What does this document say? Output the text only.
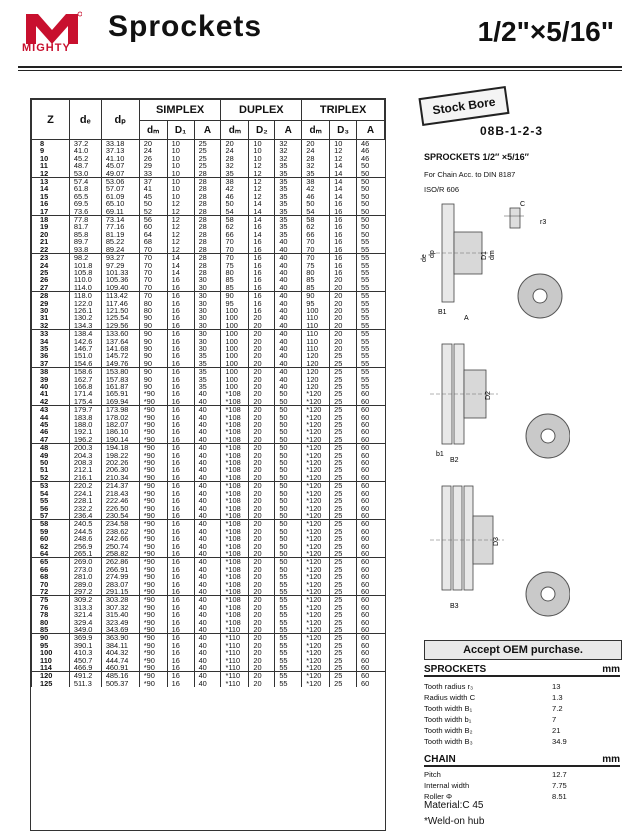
MIGHTY
Sprockets	1/2"×5/16"
Z	dₑ	dₚ	SIMPLEX			DUPLEX			TRIPLEX		
			dₘ	D₁	A	dₘ	D₂	A	dₘ	D₃	A
8	37.2	33.18	20	10	25	20	10	32	20	10	46
9	41.0	37.13	24	10	25	24	10	32	24	12	46
10	45.2	41.10	26	10	25	28	10	32	28	12	46
11	48.7	45.07	29	10	25	32	12	35	32	14	50
12	53.0	49.07	33	10	28	35	12	35	35	14	50
13	57.4	53.06	37	10	28	38	12	35	38	14	50
14	61.8	57.07	41	10	28	42	12	35	42	14	50
15	65.5	61.09	45	10	28	46	12	35	46	14	50
16	69.5	65.10	50	12	28	50	14	35	50	16	50
17	73.6	69.11	52	12	28	54	14	35	54	16	50
18	77.8	73.14	56	12	28	58	14	35	58	16	50
19	81.7	77.16	60	12	28	62	16	35	62	16	50
20	85.8	81.19	64	12	28	66	14	35	66	16	50
21	89.7	85.22	68	12	28	70	16	40	70	16	55
22	93.8	89.24	70	12	28	70	16	40	70	16	55
23	98.2	93.27	70	14	28	70	16	40	70	16	55
24	101.8	97.29	70	14	28	75	16	40	75	16	55
25	105.8	101.33	70	14	28	80	16	40	80	16	55
26	110.0	105.36	70	16	30	85	16	40	85	20	55
27	114.0	109.40	70	16	30	85	16	40	85	20	55
28	118.0	113.42	70	16	30	90	16	40	90	20	55
29	122.0	117.46	80	16	30	95	16	40	95	20	55
30	126.1	121.50	80	16	30	100	16	40	100	20	55
31	130.2	125.54	90	16	30	100	20	40	110	20	55
32	134.3	129.56	90	16	30	100	20	40	110	20	55
33	138.4	133.60	90	16	30	100	20	40	110	20	55
34	142.6	137.64	90	16	30	100	20	40	110	20	55
35	146.7	141.68	90	16	30	100	20	40	110	20	55
36	151.0	145.72	90	16	35	100	20	40	120	25	55
37	154.6	149.76	90	16	35	100	20	40	120	25	55
38	158.6	153.80	90	16	35	100	20	40	120	25	55
39	162.7	157.83	90	16	35	100	20	40	120	25	55
40	166.8	161.87	90	16	35	100	20	40	120	25	55
41	171.4	165.91	*90	16	40	*108	20	50	*120	25	60
42	175.4	169.94	*90	16	40	*108	20	50	*120	25	60
43	179.7	173.98	*90	16	40	*108	20	50	*120	25	60
44	183.8	178.02	*90	16	40	*108	20	50	*120	25	60
45	188.0	182.07	*90	16	40	*108	20	50	*120	25	60
46	192.1	186.10	*90	16	40	*108	20	50	*120	25	60
47	196.2	190.14	*90	16	40	*108	20	50	*120	25	60
48	200.3	194.18	*90	16	40	*108	20	50	*120	25	60
49	204.3	198.22	*90	16	40	*108	20	50	*120	25	60
50	208.3	202.26	*90	16	40	*108	20	50	*120	25	60
51	212.1	206.30	*90	16	40	*108	20	50	*120	25	60
52	216.1	210.34	*90	16	40	*108	20	50	*120	25	60
53	220.2	214.37	*90	16	40	*108	20	50	*120	25	60
54	224.1	218.43	*90	16	40	*108	20	50	*120	25	60
55	228.1	222.46	*90	16	40	*108	20	50	*120	25	60
56	232.2	226.50	*90	16	40	*108	20	50	*120	25	60
57	236.4	230.54	*90	16	40	*108	20	50	*120	25	60
58	240.5	234.58	*90	16	40	*108	20	50	*120	25	60
59	244.5	238.62	*90	16	40	*108	20	50	*120	25	60
60	248.6	242.66	*90	16	40	*108	20	50	*120	25	60
62	256.9	250.74	*90	16	40	*108	20	50	*120	25	60
64	265.1	258.82	*90	16	40	*108	20	50	*120	25	60
65	269.0	262.86	*90	16	40	*108	20	50	*120	25	60
66	273.0	266.91	*90	16	40	*108	20	50	*120	25	60
68	281.0	274.99	*90	16	40	*108	20	55	*120	25	60
70	289.0	283.07	*90	16	40	*108	20	55	*120	25	60
72	297.2	291.15	*90	16	40	*108	20	55	*120	25	60
75	309.2	303.28	*90	16	40	*108	20	55	*120	25	60
76	313.3	307.32	*90	16	40	*108	20	55	*120	25	60
78	321.4	315.40	*90	16	40	*108	20	55	*120	25	60
80	329.4	323.49	*90	16	40	*108	20	55	*120	25	60
85	349.0	343.69	*90	16	40	*110	20	55	*120	25	60
90	369.9	363.90	*90	16	40	*110	20	55	*120	25	60
95	390.1	384.11	*90	16	40	*110	20	55	*120	25	60
100	410.3	404.32	*90	16	40	*110	20	55	*120	25	60
110	450.7	444.74	*90	16	40	*110	20	55	*120	25	60
114	466.9	460.91	*90	16	40	*110	20	55	*120	25	60
120	491.2	485.16	*90	16	40	*110	20	55	*120	25	60
125	511.3	505.37	*90	16	40	*110	20	55	*120	25	60
Stock Bore
08B-1-2-3
SPROCKETS 1/2″ ×5/16″
For Chain Acc. to DIN 8187
ISO/R 606
C
r3
de
dp	D1 dm
B1
A
D2
b1
B2
D3
B3
Accept OEM purchase.
SPROCKETS	mm
Tooth radius r₃	13
Radius width C	1.3
Tooth width B₁	7.2
Tooth width b₁	7
Tooth width B₂	21
Tooth width B₃	34.9
CHAIN	mm
Pitch	12.7
Internal width	7.75
Roller Φ	8.51
Material:C 45
*Weld-on hub
